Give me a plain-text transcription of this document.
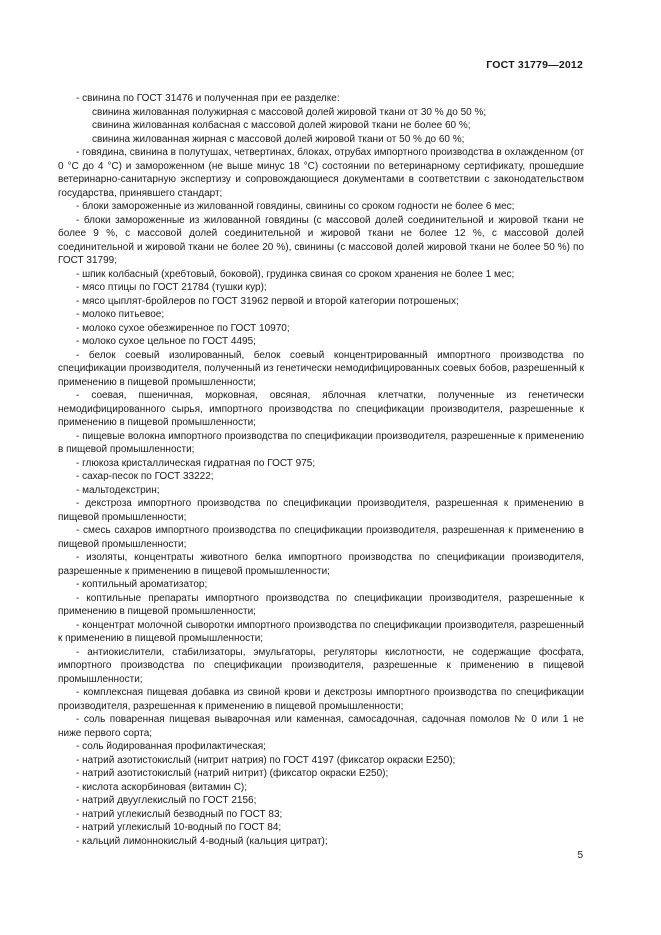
ГОСТ 31779—2012
- свинина по ГОСТ 31476 и полученная при ее разделке:
свинина жилованная полужирная с массовой долей жировой ткани от 30 % до 50 %;
свинина жилованная колбасная с массовой долей жировой ткани не более 60 %;
свинина жилованная жирная с массовой долей жировой ткани от 50 % до 60 %;
- говядина, свинина в полутушах, четвертинах, блоках, отрубах импортного производства в охлажденном (от 0 °С до 4 °С) и замороженном (не выше минус 18 °С) состоянии по ветеринарному сертификату, прошедшие ветеринарно-санитарную экспертизу и сопровождающиеся документами в соответствии с законодательством государства, принявшего стандарт;
- блоки замороженные из жилованной говядины, свинины со сроком годности не более 6 мес;
- блоки замороженные из жилованной говядины (с массовой долей соединительной и жировой ткани не более 9 %, с массовой долей соединительной и жировой ткани не более 12 %, с массовой долей соединительной и жировой ткани не более 20 %), свинины (с массовой долей жировой ткани не более 50 %) по ГОСТ 31799;
- шпик колбасный (хребтовый, боковой), грудинка свиная со сроком хранения не более 1 мес;
- мясо птицы по ГОСТ 21784 (тушки кур);
- мясо цыплят-бройлеров по ГОСТ 31962 первой и второй категории потрошеных;
- молоко питьевое;
- молоко сухое обезжиренное по ГОСТ 10970;
- молоко сухое цельное по ГОСТ 4495;
- белок соевый изолированный, белок соевый концентрированный импортного производства по спецификации производителя, полученный из генетически немодифицированных соевых бобов, разрешенный к применению в пищевой промышленности;
- соевая, пшеничная, морковная, овсяная, яблочная клетчатки, полученные из генетически немодифицированного сырья, импортного производства по спецификации производителя, разрешенные к применению в пищевой промышленности;
- пищевые волокна импортного производства по спецификации производителя, разрешенные к применению в пищевой промышленности;
- глюкоза кристаллическая гидратная по ГОСТ 975;
- сахар-песок по ГОСТ 33222;
- мальтодекстрин;
- декстроза импортного производства по спецификации производителя, разрешенная к применению в пищевой промышленности;
- смесь сахаров импортного производства по спецификации производителя, разрешенная к применению в пищевой промышленности;
- изоляты, концентраты животного белка импортного производства по спецификации производителя, разрешенные к применению в пищевой промышленности;
- коптильный ароматизатор;
- коптильные препараты импортного производства по спецификации производителя, разрешенные к применению в пищевой промышленности;
- концентрат молочной сыворотки импортного производства по спецификации производителя, разрешенный к применению в пищевой промышленности;
- антиокислители, стабилизаторы, эмульгаторы, регуляторы кислотности, не содержащие фосфата, импортного производства по спецификации производителя, разрешенные к применению в пищевой промышленности;
- комплексная пищевая добавка из свиной крови и декстрозы импортного производства по спецификации производителя, разрешенная к применению в пищевой промышленности;
- соль поваренная пищевая выварочная или каменная, самосадочная, садочная помолов № 0 или 1 не ниже первого сорта;
- соль йодированная профилактическая;
- натрий азотистокислый (нитрит натрия) по ГОСТ 4197 (фиксатор окраски Е250);
- натрий азотистокислый (натрий нитрит) (фиксатор окраски Е250);
- кислота аскорбиновая (витамин С);
- натрий двууглекислый по ГОСТ 2156;
- натрий углекислый безводный по ГОСТ 83;
- натрий углекислый 10-водный по ГОСТ 84;
- кальций лимоннокислый 4-водный (кальция цитрат);
5
